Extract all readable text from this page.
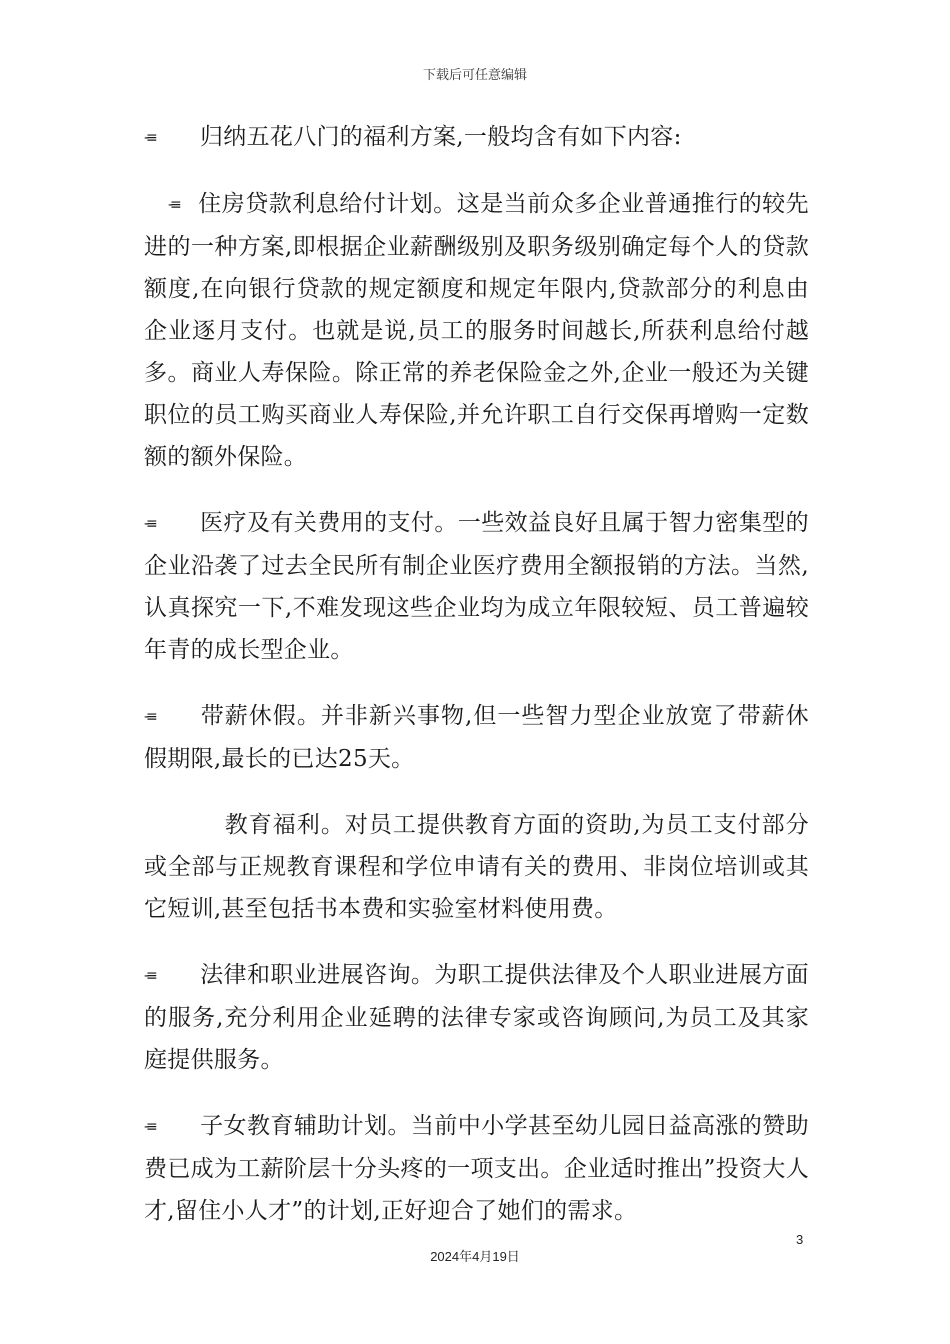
下载后可任意编辑

-≡ 归纳五花八门的福利方案,一般均含有如下内容:

-≡ 住房贷款利息给付计划。这是当前众多企业普通推行的较先进的一种方案,即根据企业薪酬级别及职务级别确定每个人的贷款额度,在向银行贷款的规定额度和规定年限内,贷款部分的利息由企业逐月支付。也就是说,员工的服务时间越长,所获利息给付越多。商业人寿保险。除正常的养老保险金之外,企业一般还为关键职位的员工购买商业人寿保险,并允许职工自行交保再增购一定数额的额外保险。

-≡ 医疗及有关费用的支付。一些效益良好且属于智力密集型的企业沿袭了过去全民所有制企业医疗费用全额报销的方法。当然,认真探究一下,不难发现这些企业均为成立年限较短、员工普遍较年青的成长型企业。

-≡ 带薪休假。并非新兴事物,但一些智力型企业放宽了带薪休假期限,最长的已达25天。

教育福利。对员工提供教育方面的资助,为员工支付部分或全部与正规教育课程和学位申请有关的费用、非岗位培训或其它短训,甚至包括书本费和实验室材料使用费。

-≡ 法律和职业进展咨询。为职工提供法律及个人职业进展方面的服务,充分利用企业延聘的法律专家或咨询顾问,为员工及其家庭提供服务。

-≡ 子女教育辅助计划。当前中小学甚至幼儿园日益高涨的赞助费已成为工薪阶层十分头疼的一项支出。企业适时推出”投资大人才,留住小人才”的计划,正好迎合了她们的需求。

3
2024年4月19日
